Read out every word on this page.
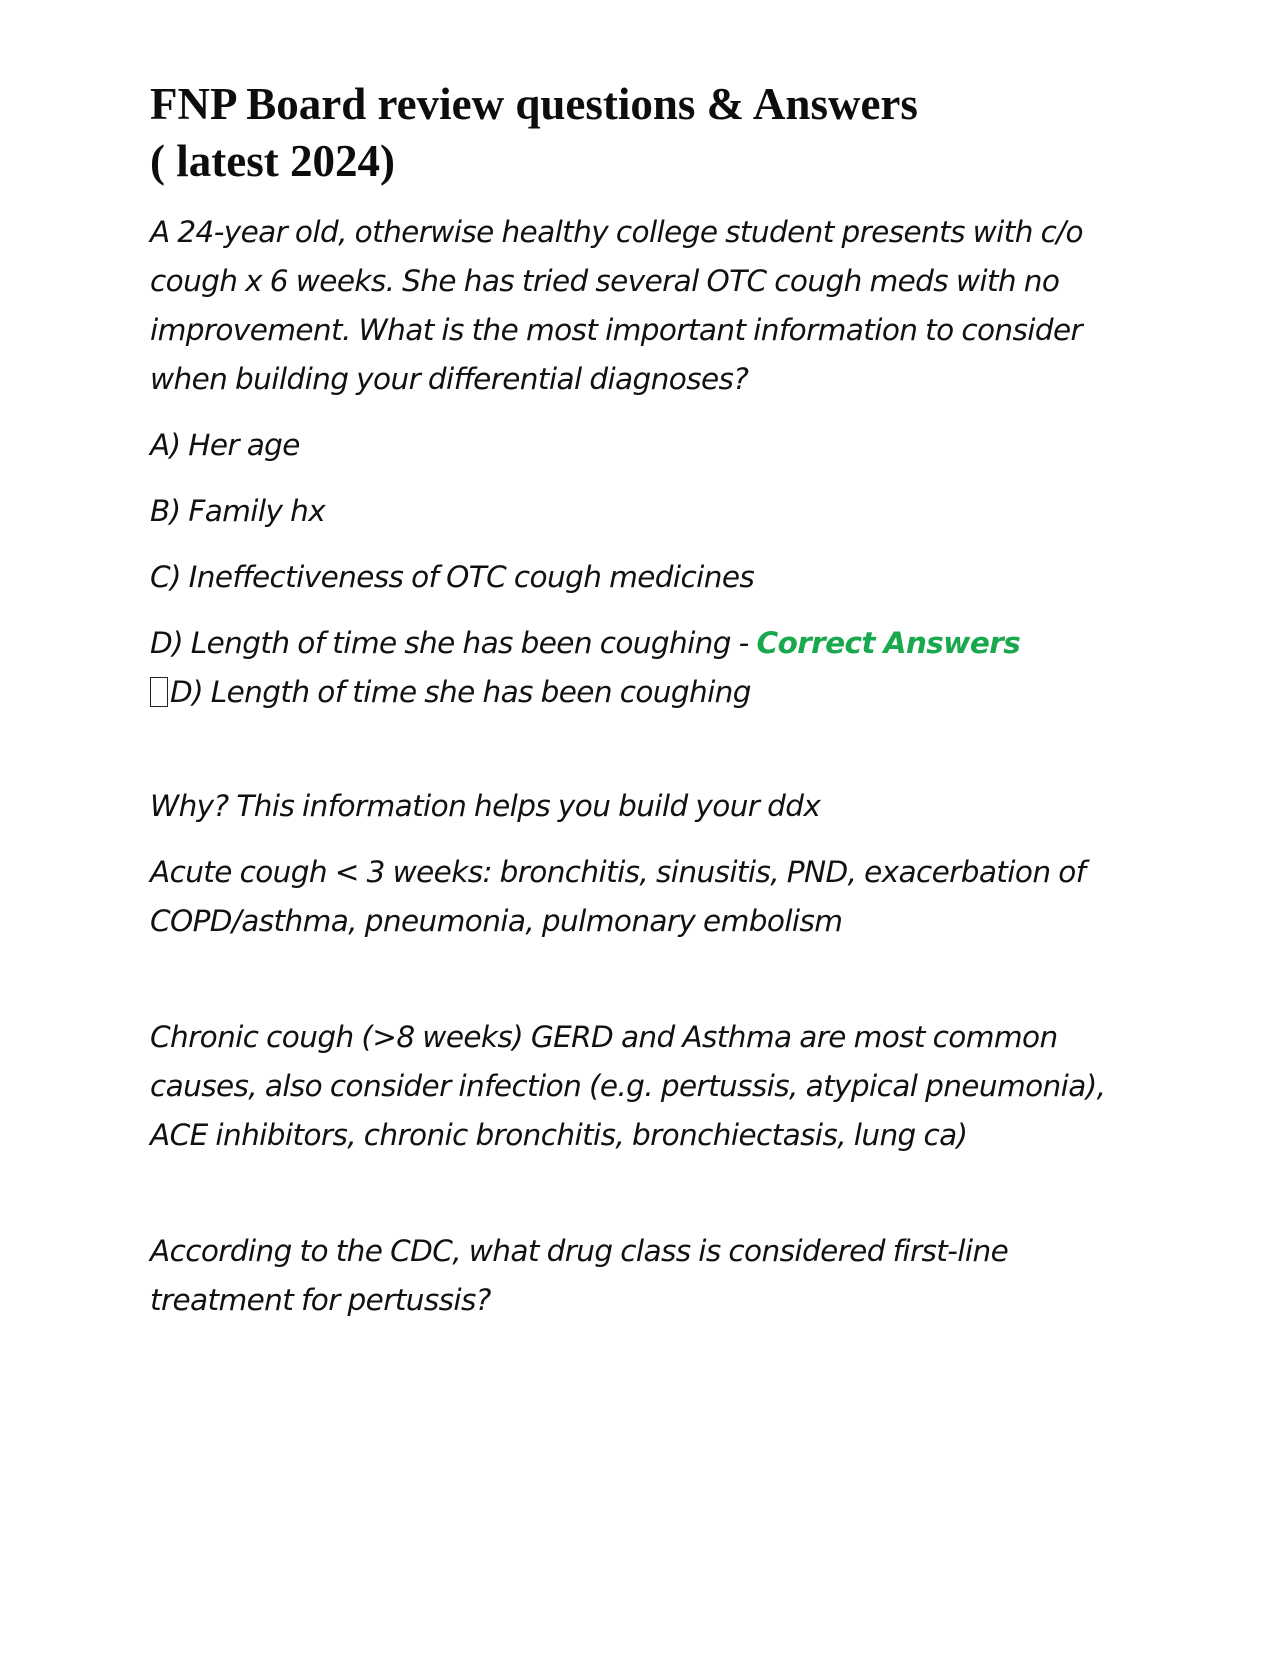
FNP Board review questions & Answers
( latest 2024)

A 24-year old, otherwise healthy college student presents with c/o cough x 6 weeks. She has tried several OTC cough meds with no improvement. What is the most important information to consider when building your differential diagnoses?

A) Her age

B) Family hx

C) Ineffectiveness of OTC cough medicines

D) Length of time she has been coughing - Correct Answers
D) Length of time she has been coughing

Why? This information helps you build your ddx

Acute cough < 3 weeks: bronchitis, sinusitis, PND, exacerbation of COPD/asthma, pneumonia, pulmonary embolism

Chronic cough (>8 weeks) GERD and Asthma are most common causes, also consider infection (e.g. pertussis, atypical pneumonia), ACE inhibitors, chronic bronchitis, bronchiectasis, lung ca)

According to the CDC, what drug class is considered first-line treatment for pertussis?
